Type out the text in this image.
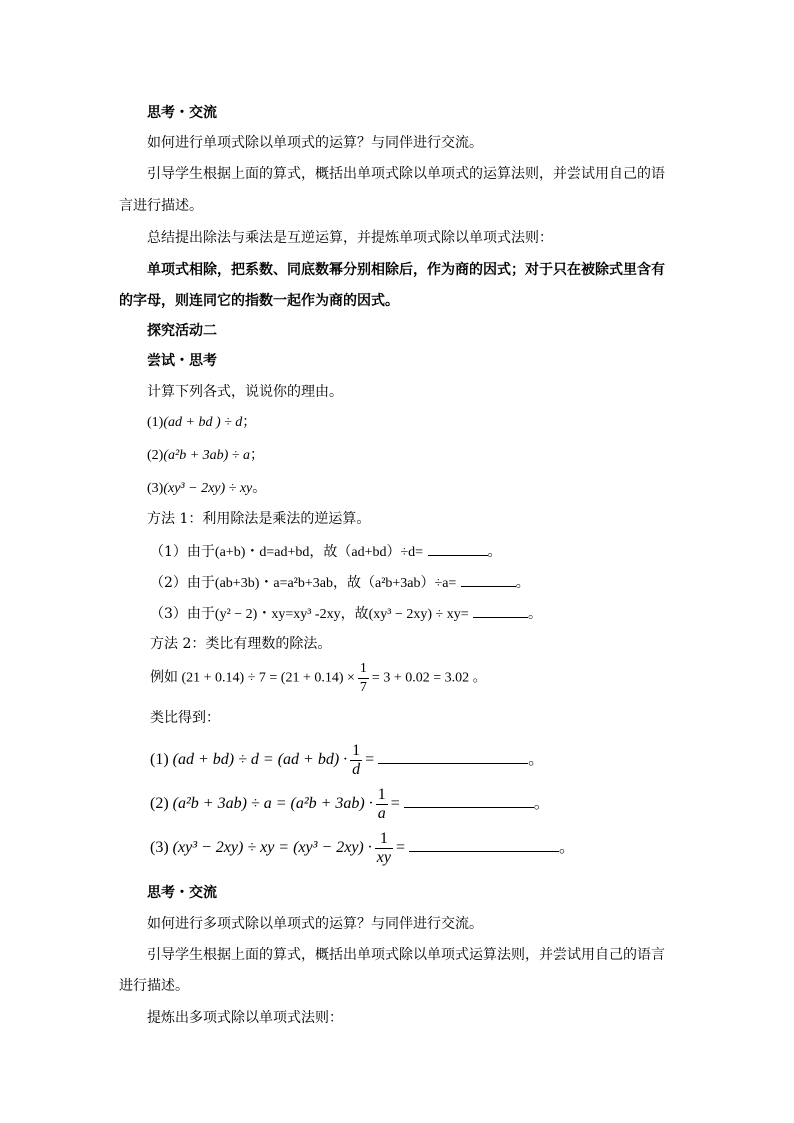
思考・交流
如何进行单项式除以单项式的运算？与同伴进行交流。
引导学生根据上面的算式，概括出单项式除以单项式的运算法则，并尝试用自己的语
言进行描述。
总结提出除法与乘法是互逆运算，并提炼单项式除以单项式法则：
单项式相除，把系数、同底数幂分别相除后，作为商的因式；对于只在被除式里含有
的字母，则连同它的指数一起作为商的因式。
探究活动二
尝试・思考
计算下列各式，说说你的理由。
(1)(ad + bd ) ÷ d；
(2)(a²b + 3ab) ÷ a；
(3)(xy³ − 2xy) ÷ xy。
方法 1：利用除法是乘法的逆运算。
（1）由于(a+b)・d=ad+bd，故（ad+bd）÷d=	。
（2）由于(ab+3b)・a=a²b+3ab，故（a²b+3ab）÷a=	。
（3）由于(y² − 2)・xy=xy³ -2xy，故(xy³ − 2xy) ÷ xy=	。
方法 2：类比有理数的除法。
例如 $(21 + 0.14) \div 7 = (21 + 0.14) \times \frac{1}{7} = 3 + 0.02 = 3.02$ 。
类比得到：
(1) $(ad + bd) \div d = (ad + bd) \cdot \frac{1}{d}$ =	。
(2) $(a^2b + 3ab) \div a = (a^2b + 3ab) \cdot \frac{1}{a}$ =	。
(3) (xy³ − 2xy) ÷ xy = $(xy^3 - 2xy) \cdot \frac{1}{xy}$ =	。
思考・交流
如何进行多项式除以单项式的运算？与同伴进行交流。
引导学生根据上面的算式，概括出单项式除以单项式运算法则，并尝试用自己的语言
进行描述。
提炼出多项式除以单项式法则：
